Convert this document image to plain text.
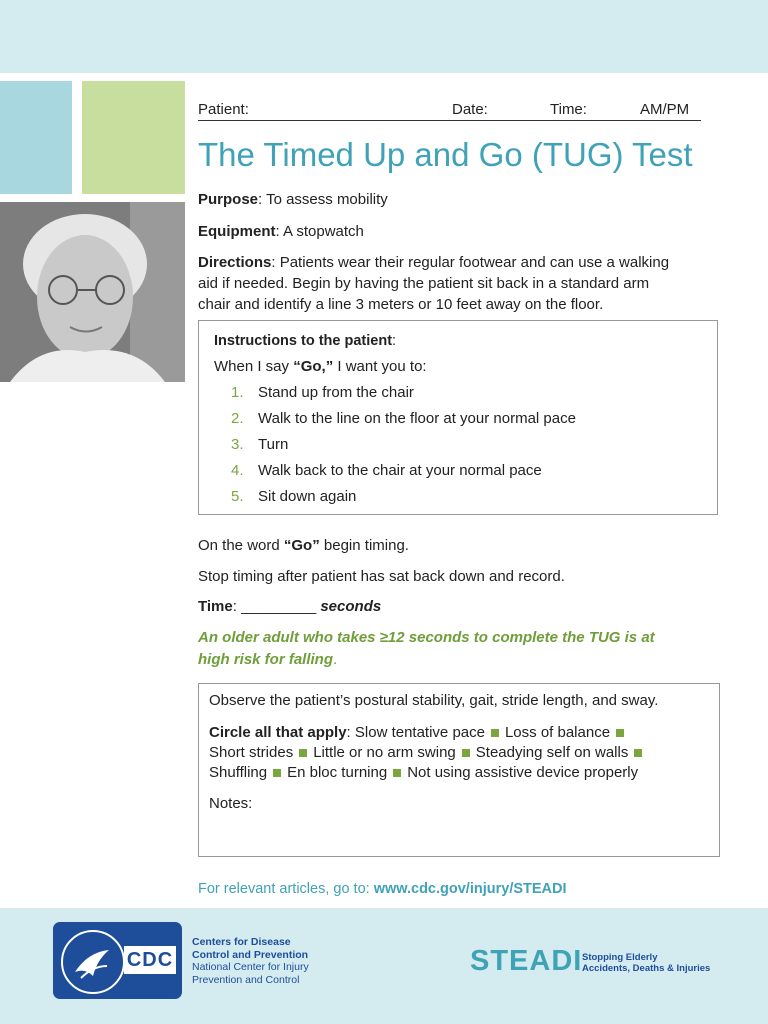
Patient:	Date:	Time:	AM/PM
The Timed Up and Go (TUG) Test
Purpose: To assess mobility
Equipment: A stopwatch
Directions: Patients wear their regular footwear and can use a walking
aid if needed. Begin by having the patient sit back in a standard arm
chair and identify a line 3 meters or 10 feet away on the floor.
Instructions to the patient:
When I say “Go,” I want you to:
1. Stand up from the chair
2. Walk to the line on the floor at your normal pace
3. Turn
4. Walk back to the chair at your normal pace
5. Sit down again
On the word “Go” begin timing.
Stop timing after patient has sat back down and record.
Time: _________ seconds
An older adult who takes ≥12 seconds to complete the TUG is at
high risk for falling.
Observe the patient’s postural stability, gait, stride length, and sway.
Circle all that apply: Slow tentative pace Loss of balance
Short strides Little or no arm swing Steadying self on walls
Shuffling En bloc turning Not using assistive device properly
Notes:
For relevant articles, go to: www.cdc.gov/injury/STEADI
CDC
Centers for Disease
Control and Prevention
National Center for Injury
Prevention and Control
STEADI Stopping Elderly
Accidents, Deaths & Injuries
